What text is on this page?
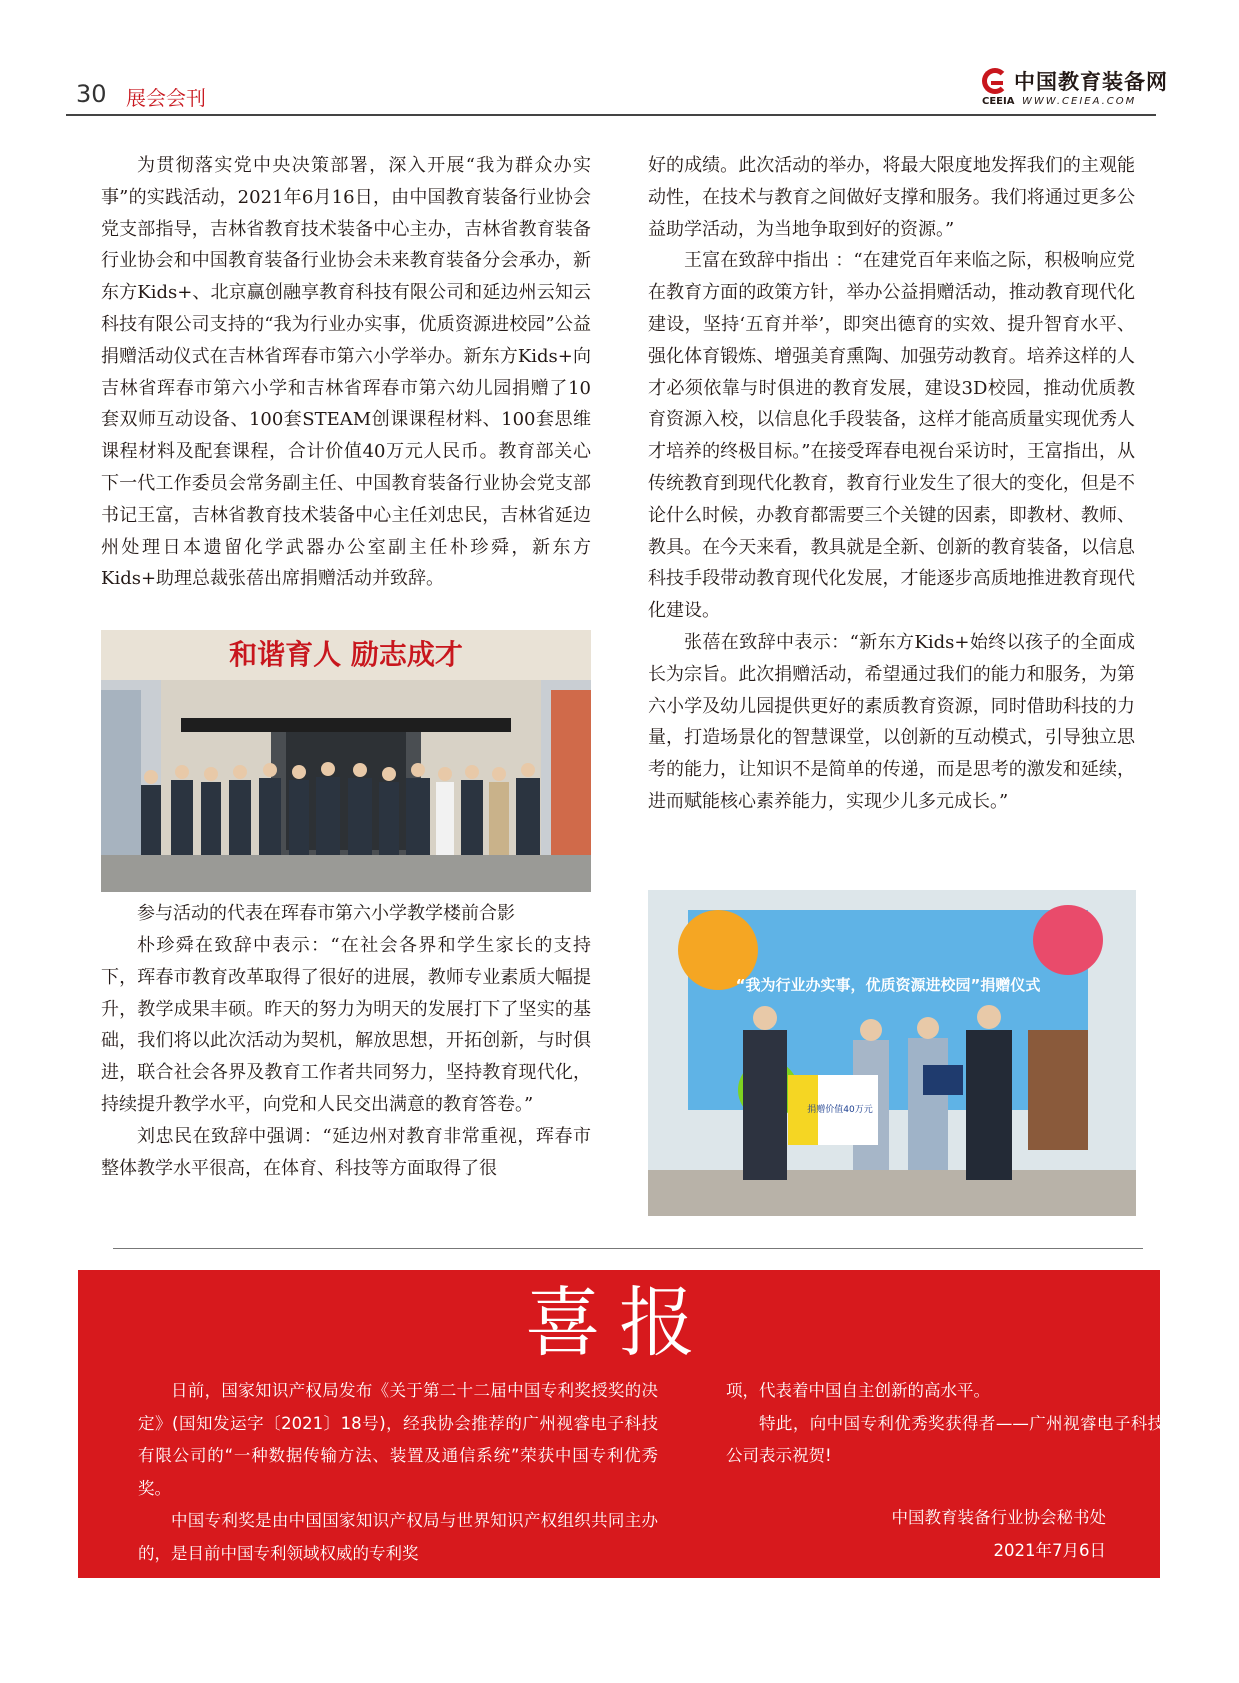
30 展会会刊
中国教育装备网
CEEIA WWW.CEIEA.COM

为贯彻落实党中央决策部署，深入开展“我为群众办实事”的实践活动，2021年6月16日，由中国教育装备行业协会党支部指导，吉林省教育技术装备中心主办，吉林省教育装备行业协会和中国教育装备行业协会未来教育装备分会承办，新东方Kids+、北京赢创融享教育科技有限公司和延边州云知云科技有限公司支持的“我为行业办实事，优质资源进校园”公益捐赠活动仪式在吉林省珲春市第六小学举办。新东方Kids+向吉林省珲春市第六小学和吉林省珲春市第六幼儿园捐赠了10套双师互动设备、100套STEAM创课课程材料、100套思维课程材料及配套课程，合计价值40万元人民币。教育部关心下一代工作委员会常务副主任、中国教育装备行业协会党支部书记王富，吉林省教育技术装备中心主任刘忠民，吉林省延边州处理日本遗留化学武器办公室副主任朴珍舜，新东方Kids+助理总裁张蓓出席捐赠活动并致辞。

和谐育人 励志成才
参与活动的代表在珲春市第六小学教学楼前合影

朴珍舜在致辞中表示：“在社会各界和学生家长的支持下，珲春市教育改革取得了很好的进展，教师专业素质大幅提升，教学成果丰硕。昨天的努力为明天的发展打下了坚实的基础，我们将以此次活动为契机，解放思想，开拓创新，与时俱进，联合社会各界及教育工作者共同努力，坚持教育现代化，持续提升教学水平，向党和人民交出满意的教育答卷。”

刘忠民在致辞中强调：“延边州对教育非常重视，珲春市整体教学水平很高，在体育、科技等方面取得了很

好的成绩。此次活动的举办，将最大限度地发挥我们的主观能动性，在技术与教育之间做好支撑和服务。我们将通过更多公益助学活动，为当地争取到好的资源。”

王富在致辞中指出 ：“在建党百年来临之际，积极响应党在教育方面的政策方针，举办公益捐赠活动，推动教育现代化建设，坚持‘五育并举’，即突出德育的实效、提升智育水平、强化体育锻炼、增强美育熏陶、加强劳动教育。培养这样的人才必须依靠与时俱进的教育发展，建设3D校园，推动优质教育资源入校，以信息化手段装备，这样才能高质量实现优秀人才培养的终极目标。”在接受珲春电视台采访时，王富指出，从传统教育到现代化教育，教育行业发生了很大的变化，但是不论什么时候，办教育都需要三个关键的因素，即教材、教师、教具。在今天来看，教具就是全新、创新的教育装备，以信息科技手段带动教育现代化发展，才能逐步高质地推进教育现代化建设。

张蓓在致辞中表示：“新东方Kids+始终以孩子的全面成长为宗旨。此次捐赠活动，希望通过我们的能力和服务，为第六小学及幼儿园提供更好的素质教育资源，同时借助科技的力量，打造场景化的智慧课堂，以创新的互动模式，引导独立思考的能力，让知识不是简单的传递，而是思考的激发和延续，进而赋能核心素养能力，实现少儿多元成长。”

“我为行业办实事，优质资源进校园”捐赠仪式
捐赠价值40万元
喜报

日前，国家知识产权局发布《关于第二十二届中国专利奖授奖的决定》(国知发运字〔2021〕18号)，经我协会推荐的广州视睿电子科技有限公司的“一种数据传输方法、装置及通信系统”荣获中国专利优秀奖。

中国专利奖是由中国国家知识产权局与世界知识产权组织共同主办的，是目前中国专利领域权威的专利奖

项，代表着中国自主创新的高水平。

特此，向中国专利优秀奖获得者——广州视睿电子科技有限公司表示祝贺!

中国教育装备行业协会秘书处
2021年7月6日
